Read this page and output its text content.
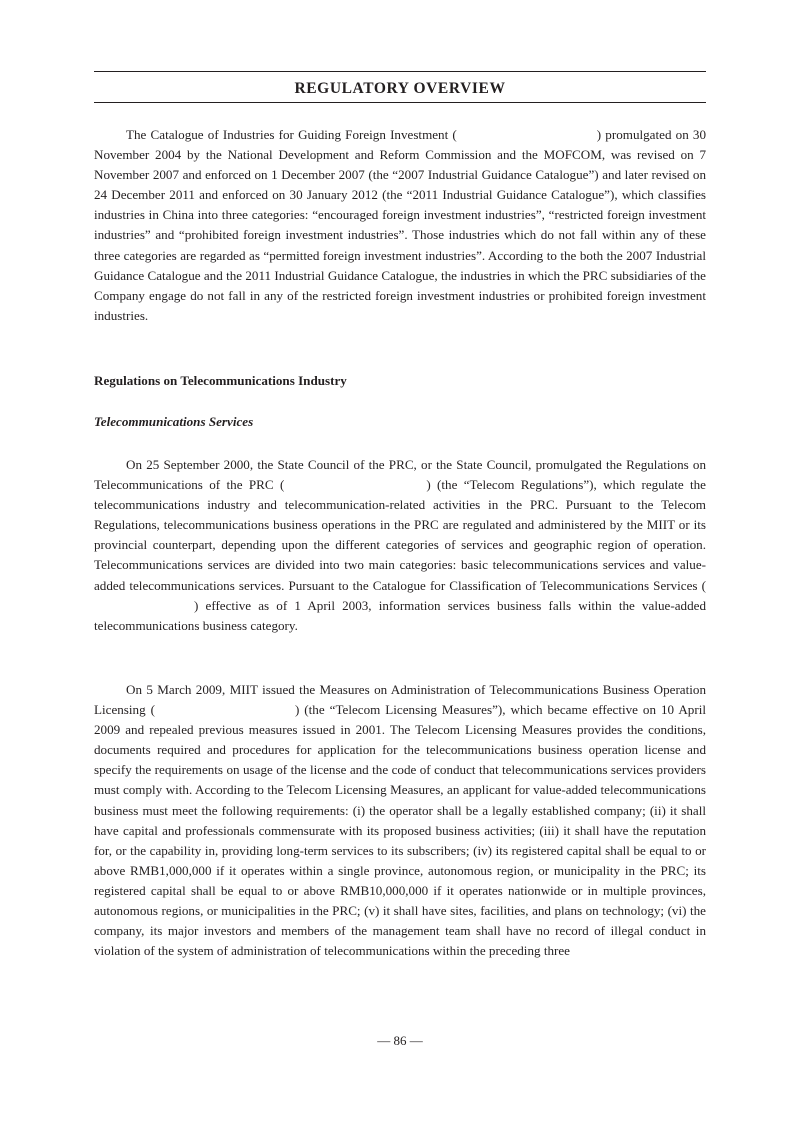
REGULATORY OVERVIEW

The Catalogue of Industries for Guiding Foreign Investment (	) promulgated on 30 November 2004 by the National Development and Reform Commission and the MOFCOM, was revised on 7 November 2007 and enforced on 1 December 2007 (the “2007 Industrial Guidance Catalogue”) and later revised on 24 December 2011 and enforced on 30 January 2012 (the “2011 Industrial Guidance Catalogue”), which classifies industries in China into three categories: “encouraged foreign investment industries”, “restricted foreign investment industries” and “prohibited foreign investment industries”. Those industries which do not fall within any of these three categories are regarded as “permitted foreign investment industries”. According to the both the 2007 Industrial Guidance Catalogue and the 2011 Industrial Guidance Catalogue, the industries in which the PRC subsidiaries of the Company engage do not fall in any of the restricted foreign investment industries or prohibited foreign investment industries.

Regulations on Telecommunications Industry

Telecommunications Services

On 25 September 2000, the State Council of the PRC, or the State Council, promulgated the Regulations on Telecommunications of the PRC (	) (the “Telecom Regulations”), which regulate the telecommunications industry and telecommunication-related activities in the PRC. Pursuant to the Telecom Regulations, telecommunications business operations in the PRC are regulated and administered by the MIIT or its provincial counterpart, depending upon the different categories of services and geographic region of operation. Telecommunications services are divided into two main categories: basic telecommunications services and value-added telecommunications services. Pursuant to the Catalogue for Classification of Telecommunications Services () effective as of 1 April 2003, information services business falls within the value-added telecommunications business category.

On 5 March 2009, MIIT issued the Measures on Administration of Telecommunications Business Operation Licensing (	) (the “Telecom Licensing Measures”), which became effective on 10 April 2009 and repealed previous measures issued in 2001. The Telecom Licensing Measures provides the conditions, documents required and procedures for application for the telecommunications business operation license and specify the requirements on usage of the license and the code of conduct that telecommunications services providers must comply with. According to the Telecom Licensing Measures, an applicant for value-added telecommunications business must meet the following requirements: (i) the operator shall be a legally established company; (ii) it shall have capital and professionals commensurate with its proposed business activities; (iii) it shall have the reputation for, or the capability in, providing long-term services to its subscribers; (iv) its registered capital shall be equal to or above RMB1,000,000 if it operates within a single province, autonomous region, or municipality in the PRC; its registered capital shall be equal to or above RMB10,000,000 if it operates nationwide or in multiple provinces, autonomous regions, or municipalities in the PRC; (v) it shall have sites, facilities, and plans on technology; (vi) the company, its major investors and members of the management team shall have no record of illegal conduct in violation of the system of administration of telecommunications within the preceding three

— 86 —
